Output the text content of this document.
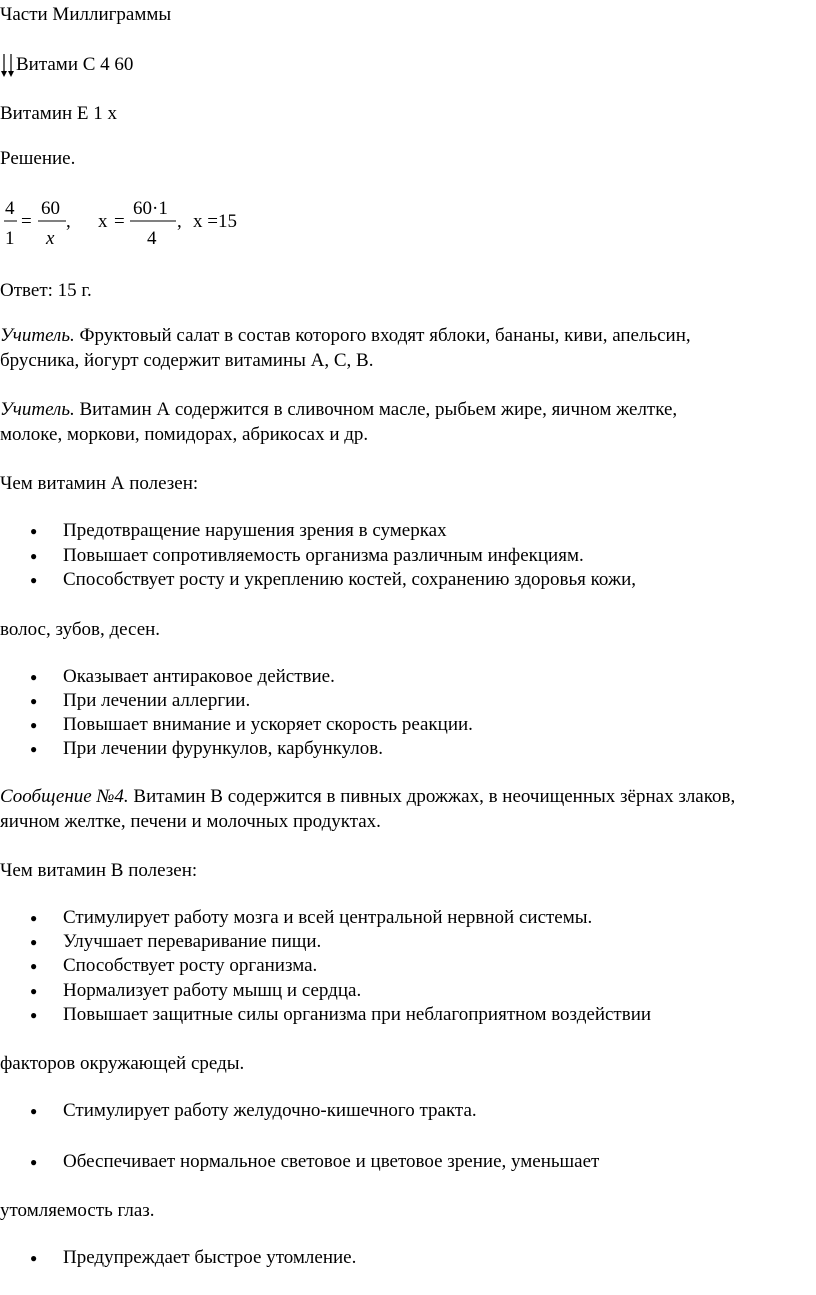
Части Миллиграммы
Витами С 4 60
Витамин Е 1 х
Решение.
4
1
=
60
x
, x =
60·1
4
, x =15
Ответ: 15 г.
Учитель. Фруктовый салат в состав которого входят яблоки, бананы, киви, апельсин,
брусника, йогурт содержит витамины А, С, В.
Учитель. Витамин А содержится в сливочном масле, рыбьем жире, яичном желтке,
молоке, моркови, помидорах, абрикосах и др.
Чем витамин А полезен:
● Предотвращение нарушения зрения в сумерках
● Повышает сопротивляемость организма различным инфекциям.
● Способствует росту и укреплению костей, сохранению здоровья кожи,
волос, зубов, десен.
● Оказывает антираковое действие.
● При лечении аллергии.
● Повышает внимание и ускоряет скорость реакции.
● При лечении фурункулов, карбункулов.
Сообщение №4. Витамин В содержится в пивных дрожжах, в неочищенных зёрнах злаков,
яичном желтке, печени и молочных продуктах.
Чем витамин В полезен:
● Стимулирует работу мозга и всей центральной нервной системы.
● Улучшает переваривание пищи.
● Способствует росту организма.
● Нормализует работу мышц и сердца.
● Повышает защитные силы организма при неблагоприятном воздействии
факторов окружающей среды.
● Стимулирует работу желудочно-кишечного тракта.
● Обеспечивает нормальное световое и цветовое зрение, уменьшает
утомляемость глаз.
● Предупреждает быстрое утомление.
